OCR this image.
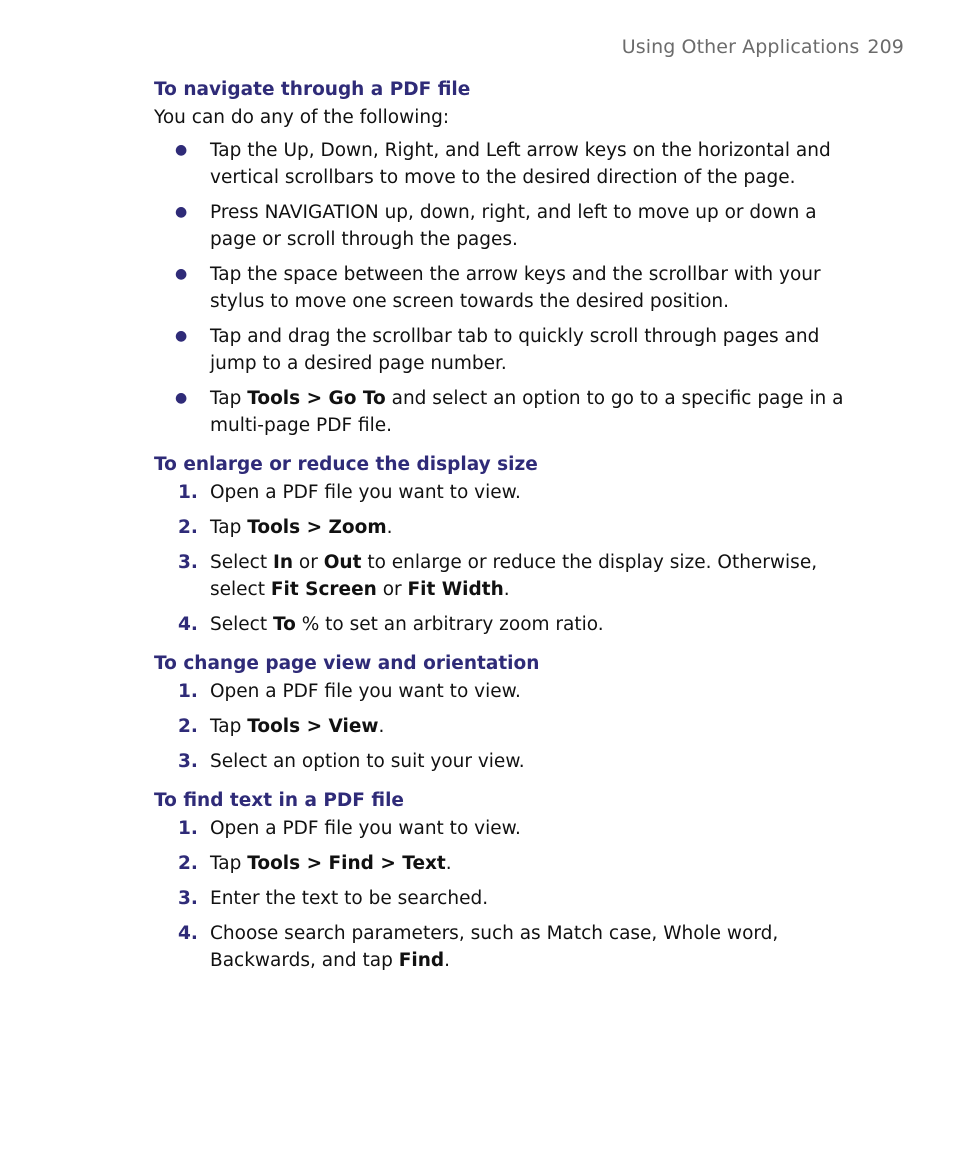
Using Other Applications 209
To navigate through a PDF file

You can do any of the following:

● Tap the Up, Down, Right, and Left arrow keys on the horizontal and vertical scrollbars to move to the desired direction of the page.
● Press NAVIGATION up, down, right, and left to move up or down a page or scroll through the pages.
● Tap the space between the arrow keys and the scrollbar with your stylus to move one screen towards the desired position.
● Tap and drag the scrollbar tab to quickly scroll through pages and jump to a desired page number.
● Tap Tools > Go To and select an option to go to a specific page in a multi-page PDF file.
To enlarge or reduce the display size
1. Open a PDF file you want to view.
2. Tap Tools > Zoom.
3. Select In or Out to enlarge or reduce the display size. Otherwise, select Fit Screen or Fit Width.
4. Select To % to set an arbitrary zoom ratio.
To change page view and orientation
1. Open a PDF file you want to view.
2. Tap Tools > View.
3. Select an option to suit your view.
To find text in a PDF file
1. Open a PDF file you want to view.
2. Tap Tools > Find > Text.
3. Enter the text to be searched.
4. Choose search parameters, such as Match case, Whole word, Backwards, and tap Find.
